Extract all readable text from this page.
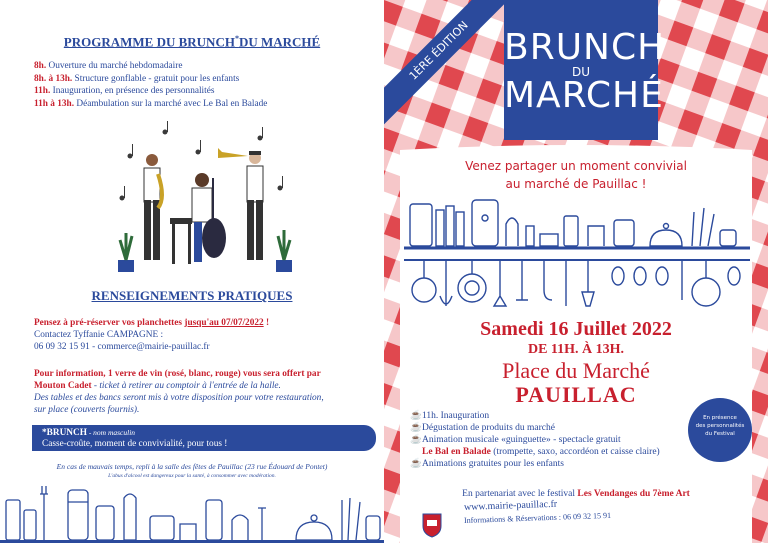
PROGRAMME DU BRUNCH*DU MARCHÉ
8h. Ouverture du marché hebdomadaire
8h. à 13h. Structure gonflable - gratuit pour les enfants
11h. Inauguration, en présence des personnalités
11h à 13h. Déambulation sur la marché avec Le Bal en Balade
RENSEIGNEMENTS PRATIQUES
Pensez à pré-réserver vos planchettes jusqu'au 07/07/2022 !
Contactez Tyffanie CAMPAGNE :
06 09 32 15 91 - commerce@mairie-pauillac.fr
Pour information, 1 verre de vin (rosé, blanc, rouge) vous sera offert par
Mouton Cadet - ticket à retirer au comptoir à l'entrée de la halle.
Des tables et des bancs seront mis à votre disposition pour votre restauration,
sur place (couverts fournis).
*BRUNCH - nom masculin
Casse-croûte, moment de convivialité, pour tous !
En cas de mauvais temps, repli à la salle des fêtes de Pauillac (23 rue Édouard de Pontet)
L'abus d'alcool est dangereux pour la santé, à consommer avec modération.
BRUNCH
DU
MARCHÉ
1ÈRE ÉDITION
Venez partager un moment convivial
au marché de Pauillac !
Samedi 16 Juillet 2022
DE 11H. À 13H.
Place du Marché
PAUILLAC
☕ 11h. Inauguration
☕ Dégustation de produits du marché
☕ Animation musicale «guinguette» - spectacle gratuit
Le Bal en Balade (trompette, saxo, accordéon et caisse claire)
☕ Animations gratuites pour les enfants
En présence
des personnalités
du Festival
En partenariat avec le festival Les Vendanges du 7ème Art
www.mairie-pauillac.fr
Informations & Réservations : 06 09 32 15 91
